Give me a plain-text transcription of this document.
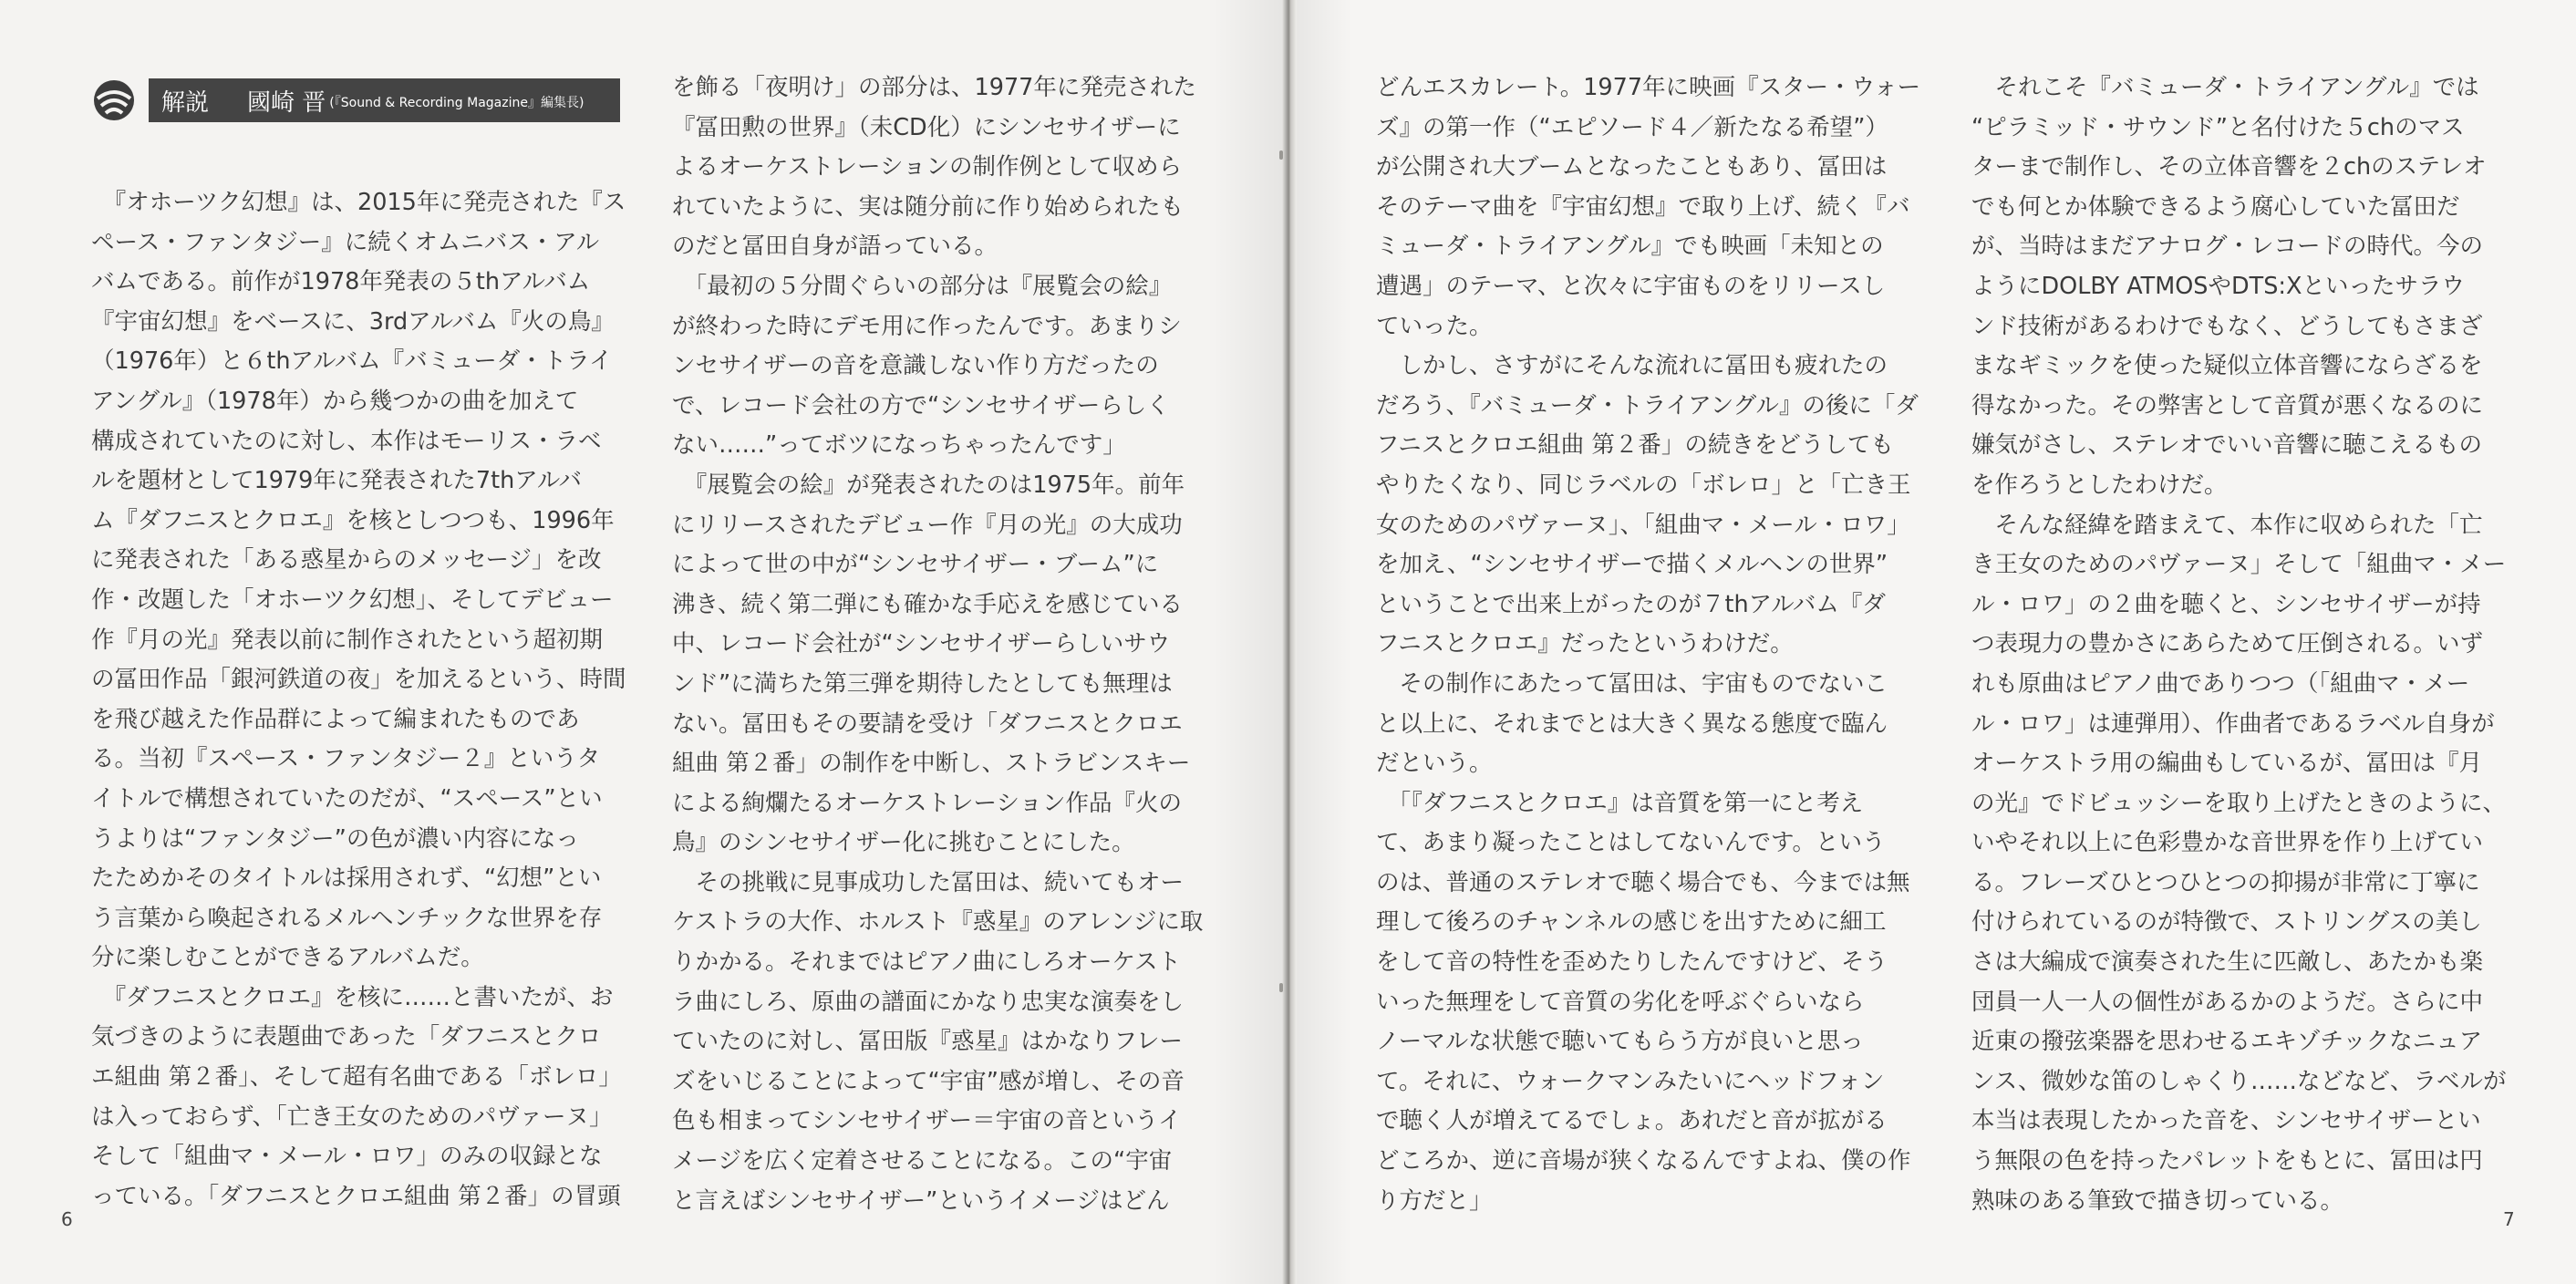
解説 國崎 晋 (『Sound & Recording Magazine』編集長)
　『オホーツク幻想』は、2015年に発売された『ス
ペース・ファンタジー』に続くオムニバス・アル
バムである。前作が1978年発表の５thアルバム
『宇宙幻想』をベースに、3rdアルバム『火の鳥』
（1976年）と６thアルバム『バミューダ・トライ
アングル』（1978年）から幾つかの曲を加えて
構成されていたのに対し、本作はモーリス・ラベ
ルを題材として1979年に発表された7thアルバ
ム『ダフニスとクロエ』を核としつつも、1996年
に発表された「ある惑星からのメッセージ」を改
作・改題した「オホーツク幻想」、そしてデビュー
作『月の光』発表以前に制作されたという超初期
の冨田作品「銀河鉄道の夜」を加えるという、時間
を飛び越えた作品群によって編まれたものであ
る。当初『スペース・ファンタジー２』というタ
イトルで構想されていたのだが、“スペース”とい
うよりは“ファンタジー”の色が濃い内容になっ
たためかそのタイトルは採用されず、“幻想”とい
う言葉から喚起されるメルヘンチックな世界を存
分に楽しむことができるアルバムだ。
　『ダフニスとクロエ』を核に……と書いたが、お
気づきのように表題曲であった「ダフニスとクロ
エ組曲 第２番」、そして超有名曲である「ボレロ」
は入っておらず、「亡き王女のためのパヴァーヌ」
そして「組曲マ・メール・ロワ」のみの収録とな
っている。「ダフニスとクロエ組曲 第２番」の冒頭
を飾る「夜明け」の部分は、1977年に発売された
『冨田勲の世界』（未CD化）にシンセサイザーに
よるオーケストレーションの制作例として収めら
れていたように、実は随分前に作り始められたも
のだと冨田自身が語っている。
　「最初の５分間ぐらいの部分は『展覧会の絵』
が終わった時にデモ用に作ったんです。あまりシ
ンセサイザーの音を意識しない作り方だったの
で、レコード会社の方で“シンセサイザーらしく
ない……”ってボツになっちゃったんです」
　『展覧会の絵』が発表されたのは1975年。前年
にリリースされたデビュー作『月の光』の大成功
によって世の中が“シンセサイザー・ブーム”に
沸き、続く第二弾にも確かな手応えを感じている
中、レコード会社が“シンセサイザーらしいサウ
ンド”に満ちた第三弾を期待したとしても無理は
ない。冨田もその要請を受け「ダフニスとクロエ
組曲 第２番」の制作を中断し、ストラビンスキー
による絢爛たるオーケストレーション作品『火の
鳥』のシンセサイザー化に挑むことにした。
　その挑戦に見事成功した冨田は、続いてもオー
ケストラの大作、ホルスト『惑星』のアレンジに取
りかかる。それまではピアノ曲にしろオーケスト
ラ曲にしろ、原曲の譜面にかなり忠実な演奏をし
ていたのに対し、冨田版『惑星』はかなりフレー
ズをいじることによって“宇宙”感が増し、その音
色も相まってシンセサイザー＝宇宙の音というイ
メージを広く定着させることになる。この“宇宙
と言えばシンセサイザー”というイメージはどん
6
どんエスカレート。1977年に映画『スター・ウォー
ズ』の第一作（“エピソード４／新たなる希望”）
が公開され大ブームとなったこともあり、冨田は
そのテーマ曲を『宇宙幻想』で取り上げ、続く『バ
ミューダ・トライアングル』でも映画「未知との
遭遇」のテーマ、と次々に宇宙ものをリリースし
ていった。
　しかし、さすがにそんな流れに冨田も疲れたの
だろう、『バミューダ・トライアングル』の後に「ダ
フニスとクロエ組曲 第２番」の続きをどうしても
やりたくなり、同じラベルの「ボレロ」と「亡き王
女のためのパヴァーヌ」、「組曲マ・メール・ロワ」
を加え、“シンセサイザーで描くメルヘンの世界”
ということで出来上がったのが７thアルバム『ダ
フニスとクロエ』だったというわけだ。
　その制作にあたって冨田は、宇宙ものでないこ
と以上に、それまでとは大きく異なる態度で臨ん
だという。
　「『ダフニスとクロエ』は音質を第一にと考え
て、あまり凝ったことはしてないんです。という
のは、普通のステレオで聴く場合でも、今までは無
理して後ろのチャンネルの感じを出すために細工
をして音の特性を歪めたりしたんですけど、そう
いった無理をして音質の劣化を呼ぶぐらいなら
ノーマルな状態で聴いてもらう方が良いと思っ
て。それに、ウォークマンみたいにヘッドフォン
で聴く人が増えてるでしょ。あれだと音が拡がる
どころか、逆に音場が狭くなるんですよね、僕の作
り方だと」
　それこそ『バミューダ・トライアングル』では
“ピラミッド・サウンド”と名付けた５chのマス
ターまで制作し、その立体音響を２chのステレオ
でも何とか体験できるよう腐心していた冨田だ
が、当時はまだアナログ・レコードの時代。今の
ようにDOLBY ATMOSやDTS:Xといったサラウ
ンド技術があるわけでもなく、どうしてもさまざ
まなギミックを使った疑似立体音響にならざるを
得なかった。その弊害として音質が悪くなるのに
嫌気がさし、ステレオでいい音響に聴こえるもの
を作ろうとしたわけだ。
　そんな経緯を踏まえて、本作に収められた「亡
き王女のためのパヴァーヌ」そして「組曲マ・メー
ル・ロワ」の２曲を聴くと、シンセサイザーが持
つ表現力の豊かさにあらためて圧倒される。いず
れも原曲はピアノ曲でありつつ（「組曲マ・メー
ル・ロワ」は連弾用）、作曲者であるラベル自身が
オーケストラ用の編曲もしているが、冨田は『月
の光』でドビュッシーを取り上げたときのように、
いやそれ以上に色彩豊かな音世界を作り上げてい
る。フレーズひとつひとつの抑揚が非常に丁寧に
付けられているのが特徴で、ストリングスの美し
さは大編成で演奏された生に匹敵し、あたかも楽
団員一人一人の個性があるかのようだ。さらに中
近東の撥弦楽器を思わせるエキゾチックなニュア
ンス、微妙な笛のしゃくり……などなど、ラベルが
本当は表現したかった音を、シンセサイザーとい
う無限の色を持ったパレットをもとに、冨田は円
熟味のある筆致で描き切っている。
7
